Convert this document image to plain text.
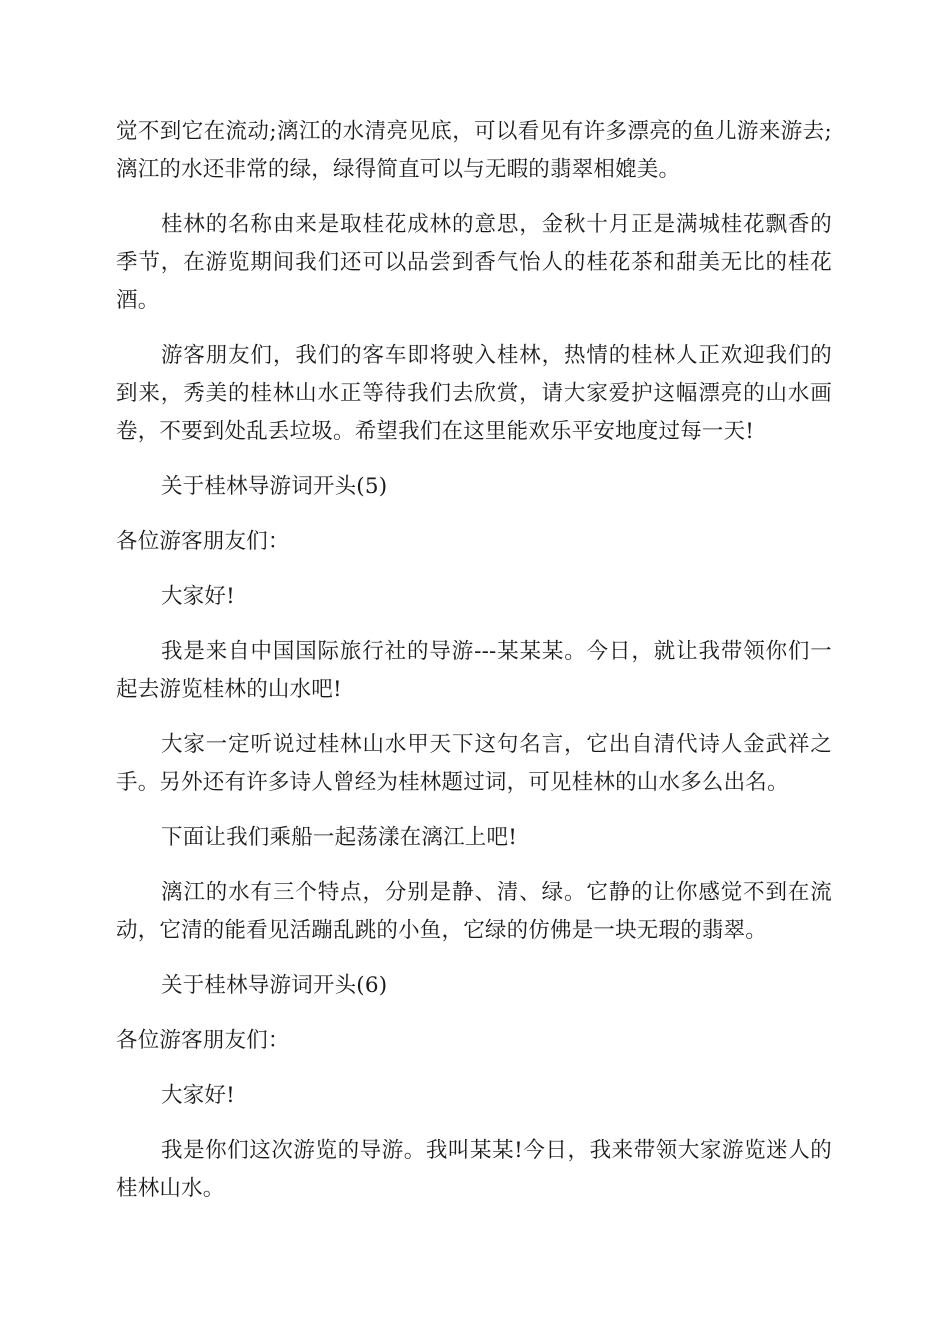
觉不到它在流动;漓江的水清亮见底，可以看见有许多漂亮的鱼儿游来游去;漓江的水还非常的绿，绿得简直可以与无暇的翡翠相媲美。

桂林的名称由来是取桂花成林的意思，金秋十月正是满城桂花飘香的季节，在游览期间我们还可以品尝到香气怡人的桂花茶和甜美无比的桂花酒。

游客朋友们，我们的客车即将驶入桂林，热情的桂林人正欢迎我们的到来，秀美的桂林山水正等待我们去欣赏，请大家爱护这幅漂亮的山水画卷，不要到处乱丢垃圾。希望我们在这里能欢乐平安地度过每一天!

关于桂林导游词开头(5)

各位游客朋友们：

大家好!

我是来自中国国际旅行社的导游---某某某。今日，就让我带领你们一起去游览桂林的山水吧!

大家一定听说过桂林山水甲天下这句名言，它出自清代诗人金武祥之手。另外还有许多诗人曾经为桂林题过词，可见桂林的山水多么出名。

下面让我们乘船一起荡漾在漓江上吧!

漓江的水有三个特点，分别是静、清、绿。它静的让你感觉不到在流动，它清的能看见活蹦乱跳的小鱼，它绿的仿佛是一块无瑕的翡翠。

关于桂林导游词开头(6)

各位游客朋友们：

大家好!

我是你们这次游览的导游。我叫某某!今日，我来带领大家游览迷人的桂林山水。
